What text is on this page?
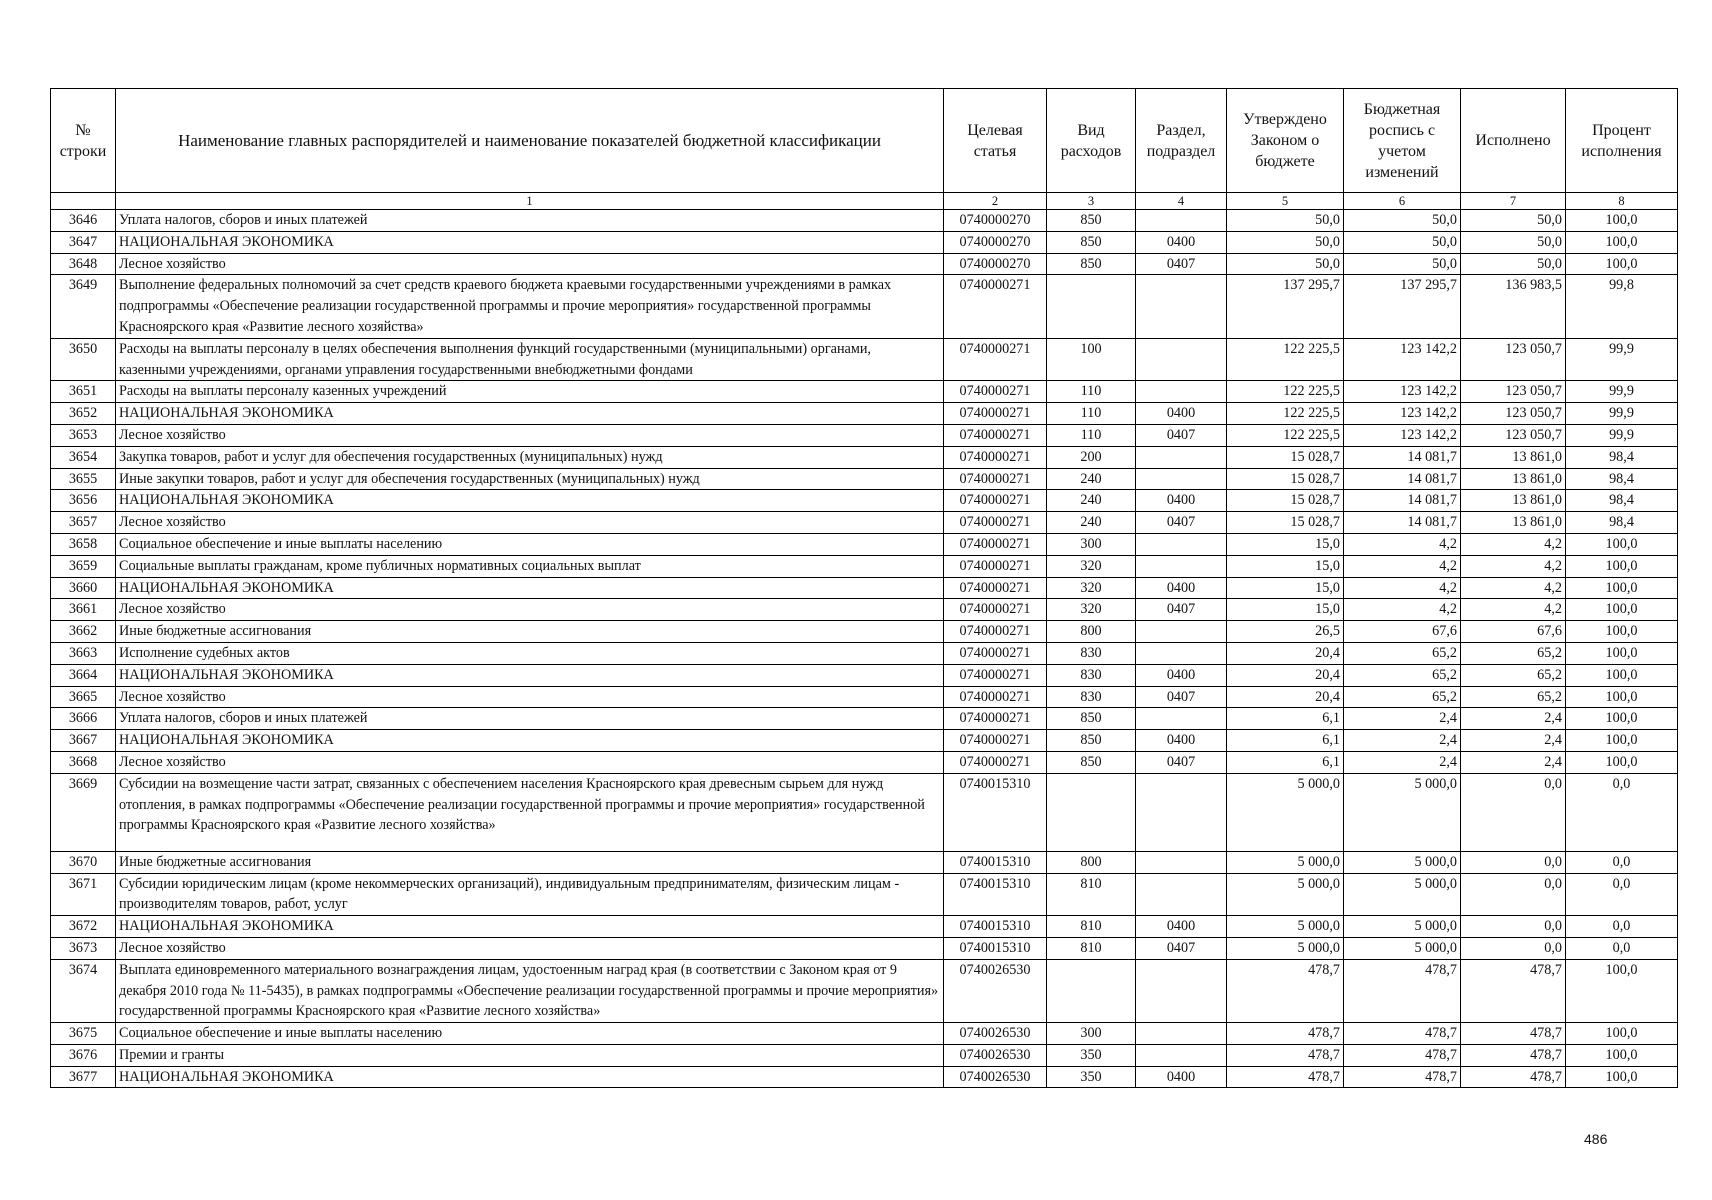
№ строки	Наименование главных распорядителей и наименование показателей бюджетной классификации	Целевая статья	Вид расходов	Раздел, подраздел	Утверждено Законом о бюджете	Бюджетная роспись с учетом изменений	Исполнено	Процент исполнения
	1	2	3	4	5	6	7	8
3646	Уплата налогов, сборов и иных платежей	0740000270	850		50,0	50,0	50,0	100,0
3647	НАЦИОНАЛЬНАЯ ЭКОНОМИКА	0740000270	850	0400	50,0	50,0	50,0	100,0
3648	Лесное хозяйство	0740000270	850	0407	50,0	50,0	50,0	100,0
3649	Выполнение федеральных полномочий за счет средств краевого бюджета краевыми государственными учреждениями в рамках подпрограммы «Обеспечение реализации государственной программы и прочие мероприятия» государственной программы Красноярского края «Развитие лесного хозяйства»	0740000271			137 295,7	137 295,7	136 983,5	99,8
3650	Расходы на выплаты персоналу в целях обеспечения выполнения функций государственными (муниципальными) органами, казенными учреждениями, органами управления государственными внебюджетными фондами	0740000271	100		122 225,5	123 142,2	123 050,7	99,9
3651	Расходы на выплаты персоналу казенных учреждений	0740000271	110		122 225,5	123 142,2	123 050,7	99,9
3652	НАЦИОНАЛЬНАЯ ЭКОНОМИКА	0740000271	110	0400	122 225,5	123 142,2	123 050,7	99,9
3653	Лесное хозяйство	0740000271	110	0407	122 225,5	123 142,2	123 050,7	99,9
3654	Закупка товаров, работ и услуг для обеспечения государственных (муниципальных) нужд	0740000271	200		15 028,7	14 081,7	13 861,0	98,4
3655	Иные закупки товаров, работ и услуг для обеспечения государственных (муниципальных) нужд	0740000271	240		15 028,7	14 081,7	13 861,0	98,4
3656	НАЦИОНАЛЬНАЯ ЭКОНОМИКА	0740000271	240	0400	15 028,7	14 081,7	13 861,0	98,4
3657	Лесное хозяйство	0740000271	240	0407	15 028,7	14 081,7	13 861,0	98,4
3658	Социальное обеспечение и иные выплаты населению	0740000271	300		15,0	4,2	4,2	100,0
3659	Социальные выплаты гражданам, кроме публичных нормативных социальных выплат	0740000271	320		15,0	4,2	4,2	100,0
3660	НАЦИОНАЛЬНАЯ ЭКОНОМИКА	0740000271	320	0400	15,0	4,2	4,2	100,0
3661	Лесное хозяйство	0740000271	320	0407	15,0	4,2	4,2	100,0
3662	Иные бюджетные ассигнования	0740000271	800		26,5	67,6	67,6	100,0
3663	Исполнение судебных актов	0740000271	830		20,4	65,2	65,2	100,0
3664	НАЦИОНАЛЬНАЯ ЭКОНОМИКА	0740000271	830	0400	20,4	65,2	65,2	100,0
3665	Лесное хозяйство	0740000271	830	0407	20,4	65,2	65,2	100,0
3666	Уплата налогов, сборов и иных платежей	0740000271	850		6,1	2,4	2,4	100,0
3667	НАЦИОНАЛЬНАЯ ЭКОНОМИКА	0740000271	850	0400	6,1	2,4	2,4	100,0
3668	Лесное хозяйство	0740000271	850	0407	6,1	2,4	2,4	100,0
3669	Субсидии на возмещение части затрат, связанных с обеспечением населения Красноярского края древесным сырьем для нужд отопления, в рамках подпрограммы «Обеспечение реализации государственной программы и прочие мероприятия» государственной программы Красноярского края «Развитие лесного хозяйства»	0740015310			5 000,0	5 000,0	0,0	0,0
3670	Иные бюджетные ассигнования	0740015310	800		5 000,0	5 000,0	0,0	0,0
3671	Субсидии юридическим лицам (кроме некоммерческих организаций), индивидуальным предпринимателям, физическим лицам - производителям товаров, работ, услуг	0740015310	810		5 000,0	5 000,0	0,0	0,0
3672	НАЦИОНАЛЬНАЯ ЭКОНОМИКА	0740015310	810	0400	5 000,0	5 000,0	0,0	0,0
3673	Лесное хозяйство	0740015310	810	0407	5 000,0	5 000,0	0,0	0,0
3674	Выплата единовременного материального вознаграждения лицам, удостоенным наград края (в соответствии с Законом края от 9 декабря 2010 года № 11-5435), в рамках подпрограммы «Обеспечение реализации государственной программы и прочие мероприятия» государственной программы Красноярского края «Развитие лесного хозяйства»	0740026530			478,7	478,7	478,7	100,0
3675	Социальное обеспечение и иные выплаты населению	0740026530	300		478,7	478,7	478,7	100,0
3676	Премии и гранты	0740026530	350		478,7	478,7	478,7	100,0
3677	НАЦИОНАЛЬНАЯ ЭКОНОМИКА	0740026530	350	0400	478,7	478,7	478,7	100,0
486
